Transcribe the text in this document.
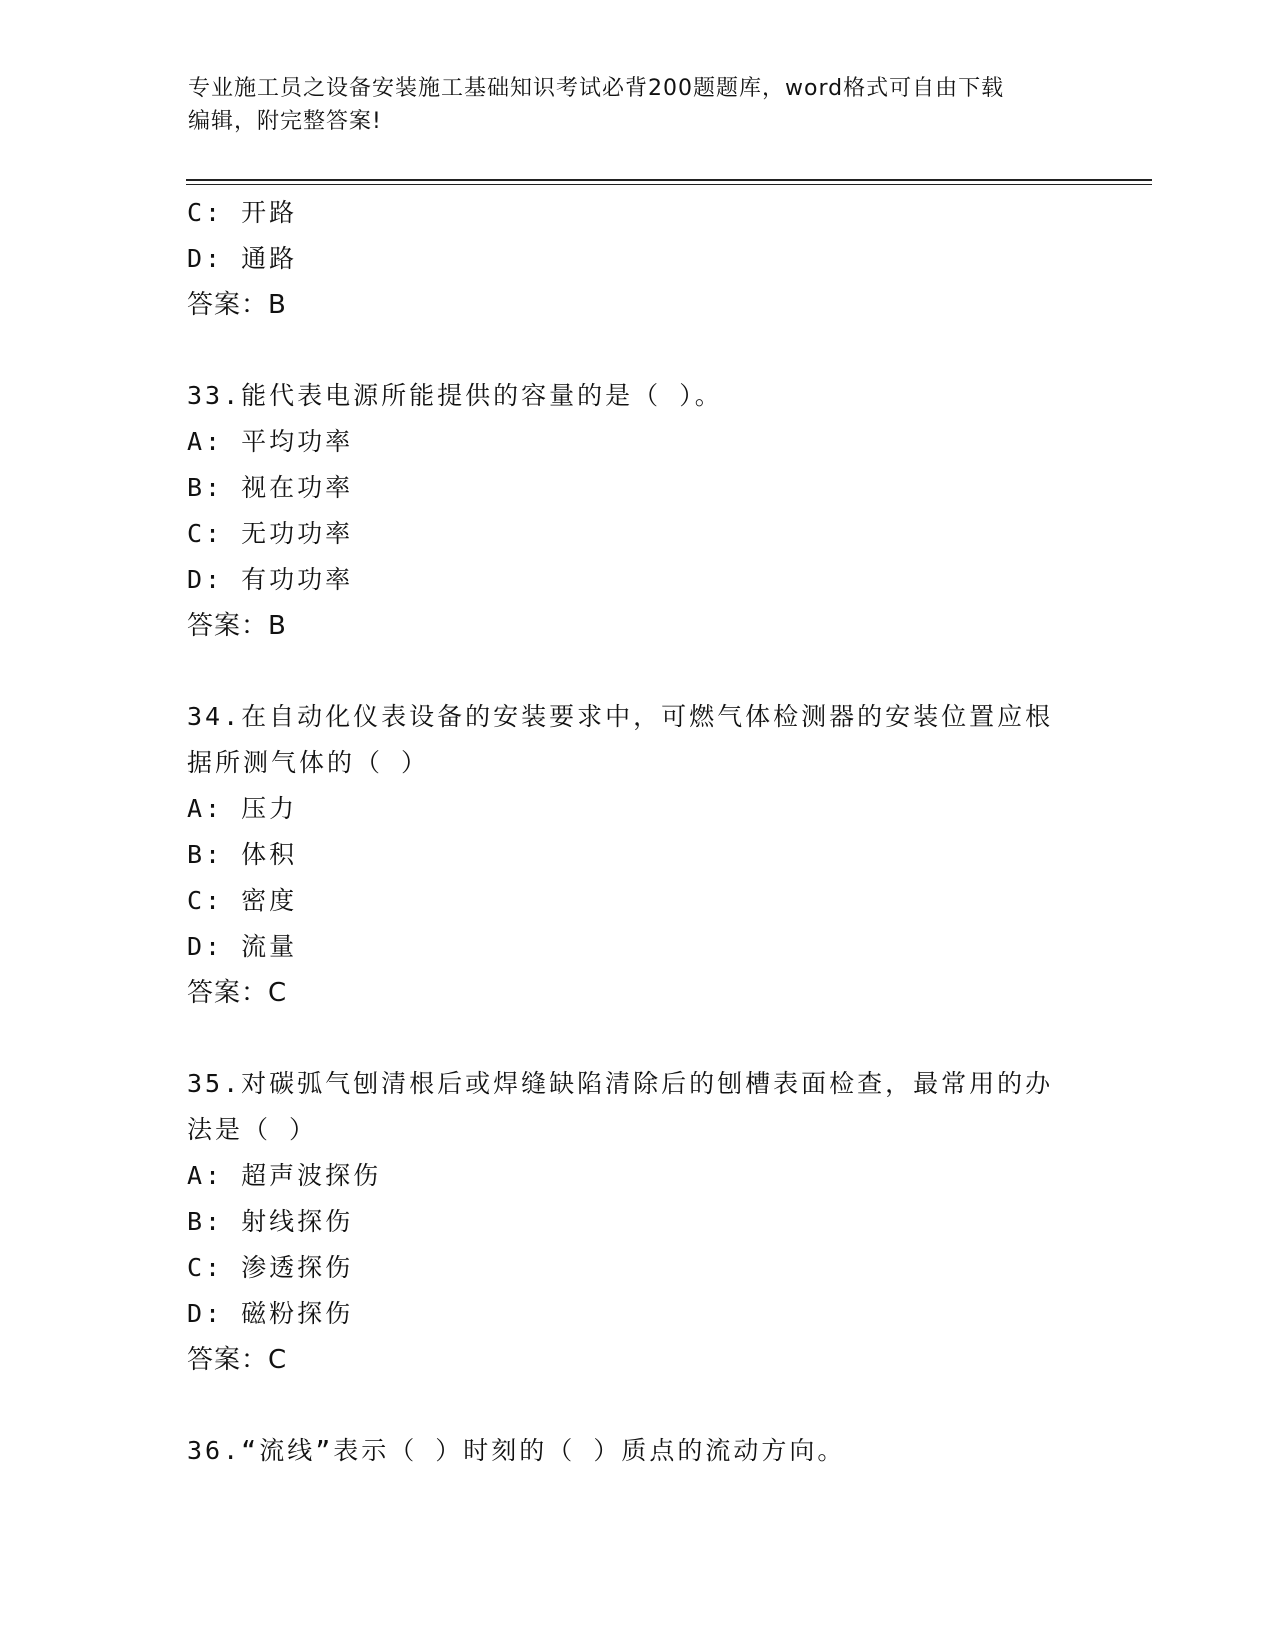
专业施工员之设备安装施工基础知识考试必背200题题库，word格式可自由下载
编辑，附完整答案!
C: 开路
D: 通路
答案：B
33.能代表电源所能提供的容量的是（ ）。
A: 平均功率
B: 视在功率
C: 无功功率
D: 有功功率
答案：B
34.在自动化仪表设备的安装要求中，可燃气体检测器的安装位置应根
据所测气体的（ ）
A: 压力
B: 体积
C: 密度
D: 流量
答案：C
35.对碳弧气刨清根后或焊缝缺陷清除后的刨槽表面检查，最常用的办
法是（ ）
A: 超声波探伤
B: 射线探伤
C: 渗透探伤
D: 磁粉探伤
答案：C
36.“流线”表示（ ）时刻的（ ）质点的流动方向。
